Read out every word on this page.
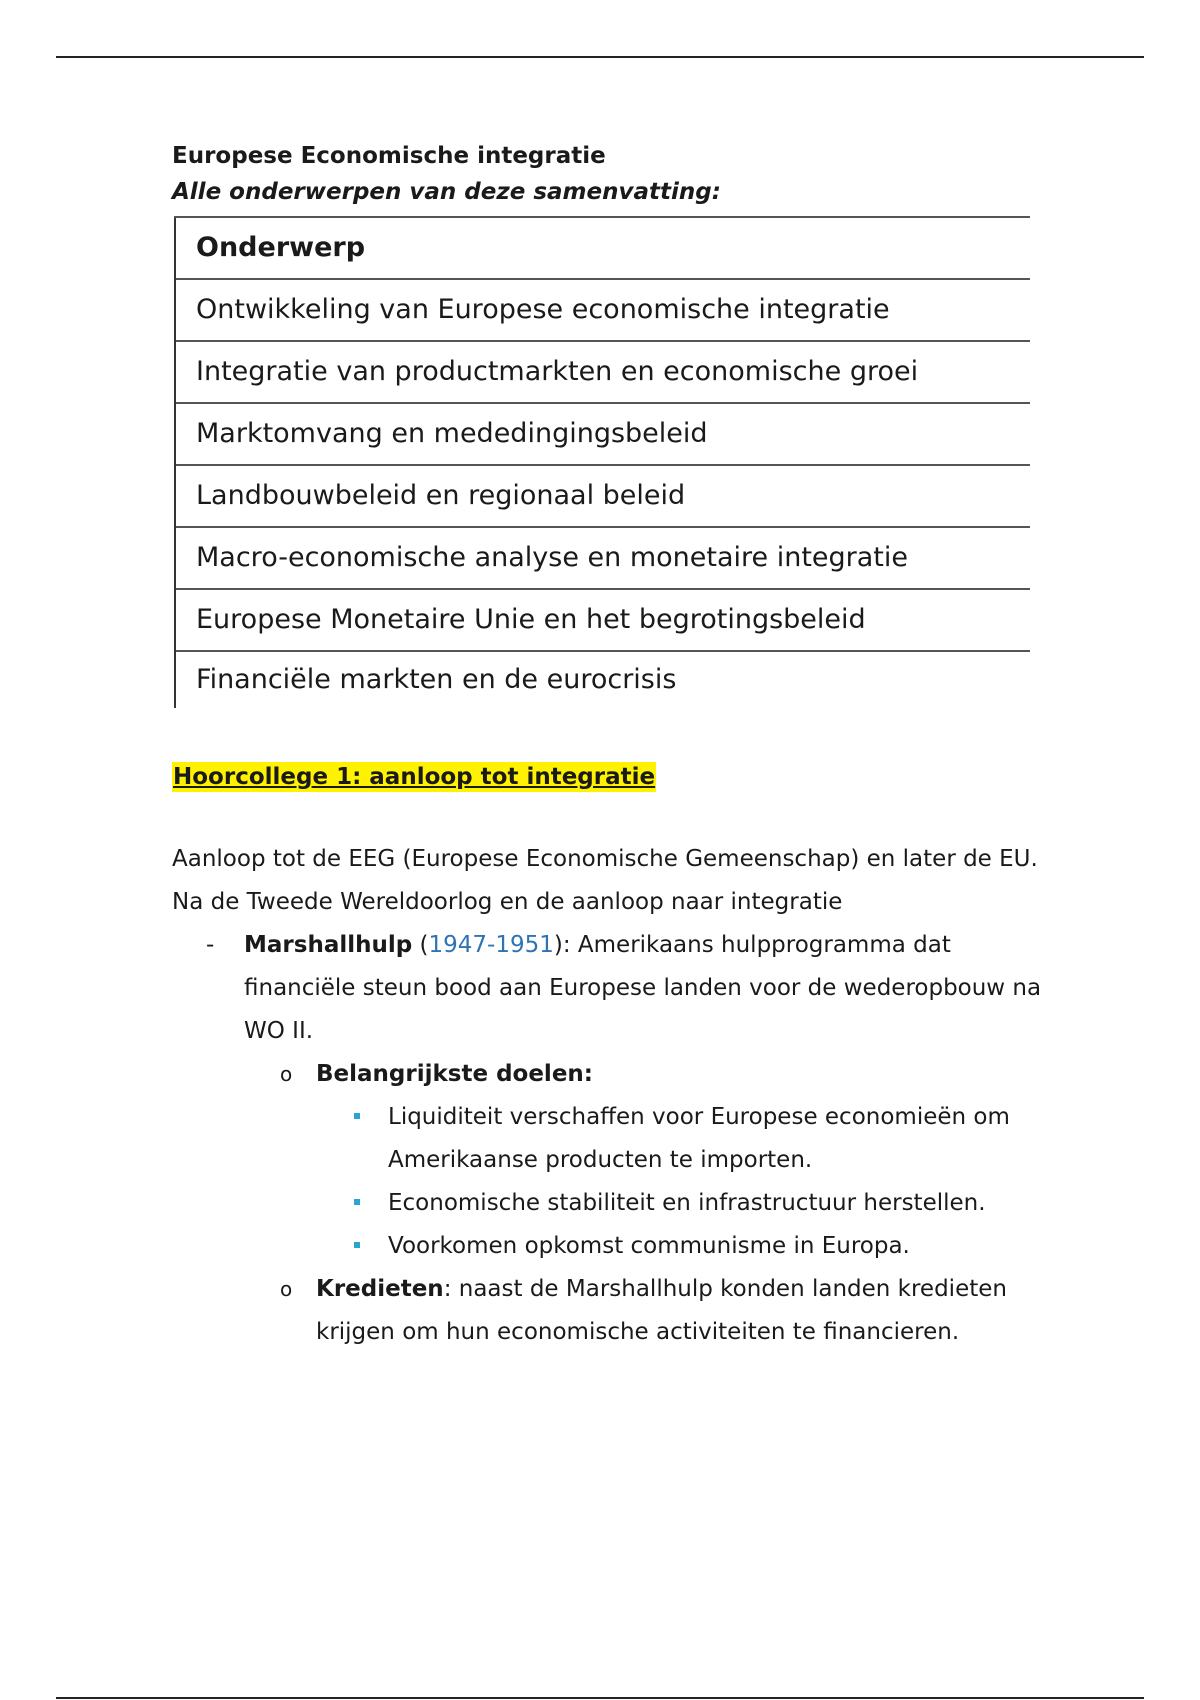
Europese Economische integratie

Alle onderwerpen van deze samenvatting:

Onderwerp
Ontwikkeling van Europese economische integratie
Integratie van productmarkten en economische groei
Marktomvang en mededingingsbeleid
Landbouwbeleid en regionaal beleid
Macro-economische analyse en monetaire integratie
Europese Monetaire Unie en het begrotingsbeleid
Financiële markten en de eurocrisis
Hoorcollege 1: aanloop tot integratie

Aanloop tot de EEG (Europese Economische Gemeenschap) en later de EU.

Na de Tweede Wereldoorlog en de aanloop naar integratie

- Marshallhulp (1947-1951): Amerikaans hulpprogramma dat financiële steun bood aan Europese landen voor de wederopbouw na WO II.
o Belangrijkste doelen:
Liquiditeit verschaffen voor Europese economieën om Amerikaanse producten te importen.
Economische stabiliteit en infrastructuur herstellen.
Voorkomen opkomst communisme in Europa.
o Kredieten: naast de Marshallhulp konden landen kredieten krijgen om hun economische activiteiten te financieren.
